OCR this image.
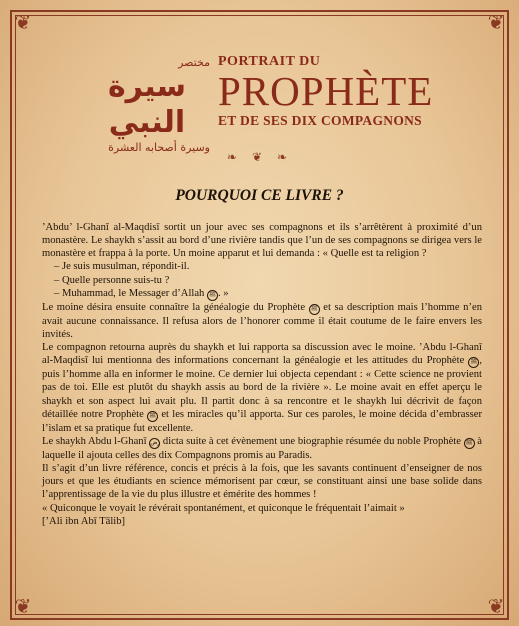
❦	❦
❦	❦
مختصر
سيرة النبي
وسيرة أصحابه العشرة
PORTRAIT DU
PROPHÈTE
ET DE SES DIX COMPAGNONS
❧ ❦ ❧
POURQUOI CE LIVRE ?

’Abdu’ l-Ghanī al-Maqdisī sortit un jour avec ses compagnons et ils s’arrêtèrent à proximité d’un monastère. Le shaykh s’assit au bord d’une rivière tandis que l’un de ses compagnons se dirigea vers le monastère et frappa à la porte. Un moine apparut et lui demanda : « Quelle est ta religion ?

– Je suis musulman, répondit-il.

– Quelle personne suis-tu ?

– Muhammad, le Messager d’Allah ﷺ . »

Le moine désira ensuite connaître la généalogie du Prophète ﷺ et sa description mais l’homme n’en avait aucune connaissance. Il refusa alors de l’honorer comme il était coutume de le faire envers les invités.

Le compagnon retourna auprès du shaykh et lui rapporta sa discussion avec le moine. ’Abdu l-Ghanī al-Maqdisī lui mentionna des informations concernant la généalogie et les attitudes du Prophète ﷺ , puis l’homme alla en informer le moine. Ce dernier lui objecta cependant : « Cette science ne provient pas de toi. Elle est plutôt du shaykh assis au bord de la rivière ». Le moine avait en effet aperçu le shaykh et son aspect lui avait plu. Il partit donc à sa rencontre et le shaykh lui décrivit de façon détaillée notre Prophète ﷺ et les miracles qu’il apporta. Sur ces paroles, le moine décida d’embrasser l’islam et sa pratique fut excellente.

Le shaykh Abdu l-Ghanī رض dicta suite à cet évènement une biographie résumée du noble Prophète ﷺ à laquelle il ajouta celles des dix Compagnons promis au Paradis.

Il s’agit d’un livre référence, concis et précis à la fois, que les savants continuent d’enseigner de nos jours et que les étudiants en science mémorisent par cœur, se constituant ainsi une base solide dans l’apprentissage de la vie du plus illustre et émérite des hommes !

« Quiconque le voyait le révérait spontanément, et quiconque le fréquentait l’aimait »

[’Ali ibn Abī Tālib]
